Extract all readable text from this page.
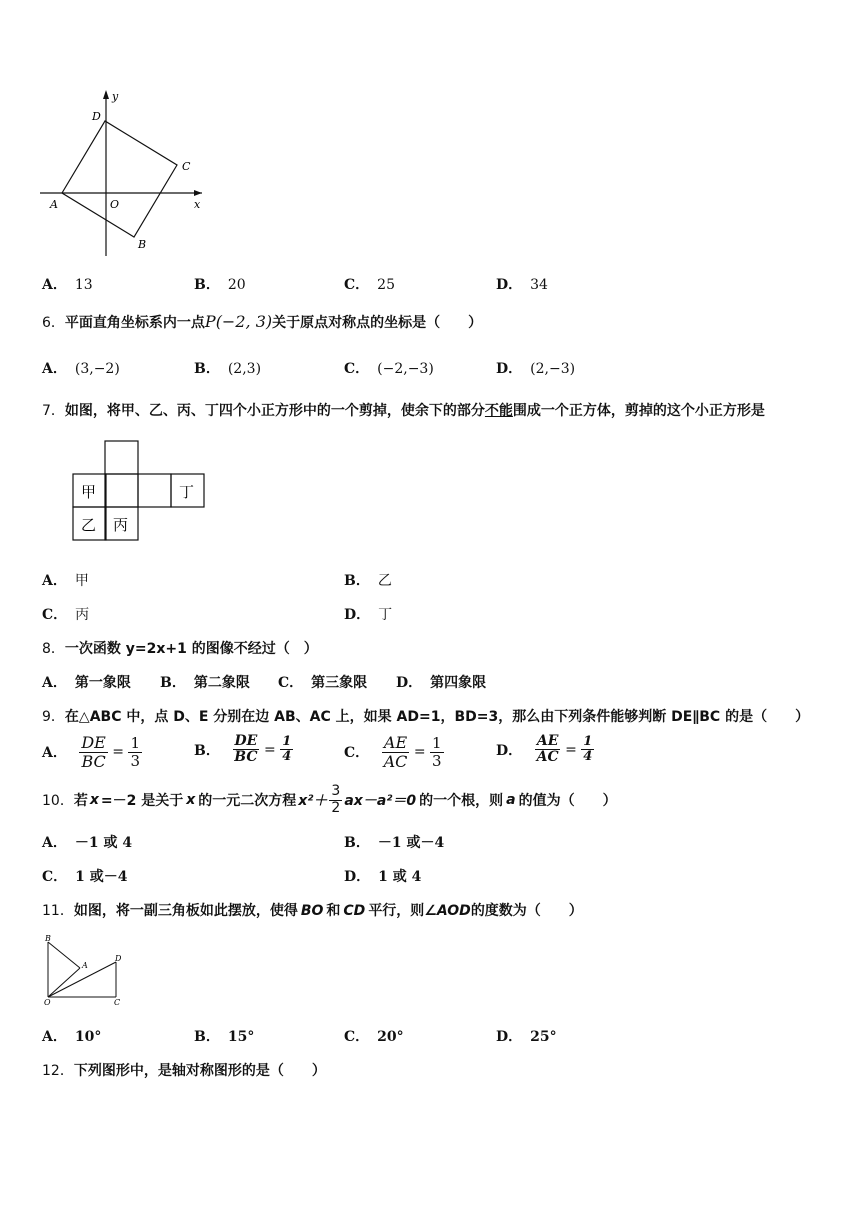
y
x
D
C
A	O
B
A． 13	B． 20	C． 25	D． 34
6．平面直角坐标系内一点P(−2, 3)关于原点对称点的坐标是（　　）
A． (3,−2)	B． (2,3)	C． (−2,−3)	D． (2,−3)
7．如图，将甲、乙、丙、丁四个小正方形中的一个剪掉，使余下的部分不能围成一个正方体，剪掉的这个小正方形是
甲	丁
乙 丙
A． 甲	B． 乙
C． 丙	D． 丁
8．一次函数 y=2x+1 的图像不经过（　）
A． 第一象限 B． 第二象限 C． 第三象限 D． 第四象限
9．在△ABC 中，点 D、E 分别在边 AB、AC 上，如果 AD=1，BD=3，那么由下列条件能够判断 DE∥BC 的是（　　）
A． $\frac{DE}{BC} = \frac{1}{3}$	B． $\frac{DE}{BC} = \frac{1}{4}$	C． $\frac{AE}{AC} = \frac{1}{3}$	D． $\frac{AE}{AC} = \frac{1}{4}$
10． 若 x =－2 是关于 x 的一元二次方程 $x^2+ \frac{3}{2} ax-a^2=0$ 的一个根，则 a 的值为（　　）
A． －1 或 4	B． －1 或－4
C． 1 或－4	D． 1 或 4
11．如图，将一副三角板如此摆放，使得 BO 和 CD 平行，则∠AOD的度数为（　　）
B
A
D
O	C
A． 10°	B． 15°	C． 20°	D． 25°
12．下列图形中，是轴对称图形的是（　　）
